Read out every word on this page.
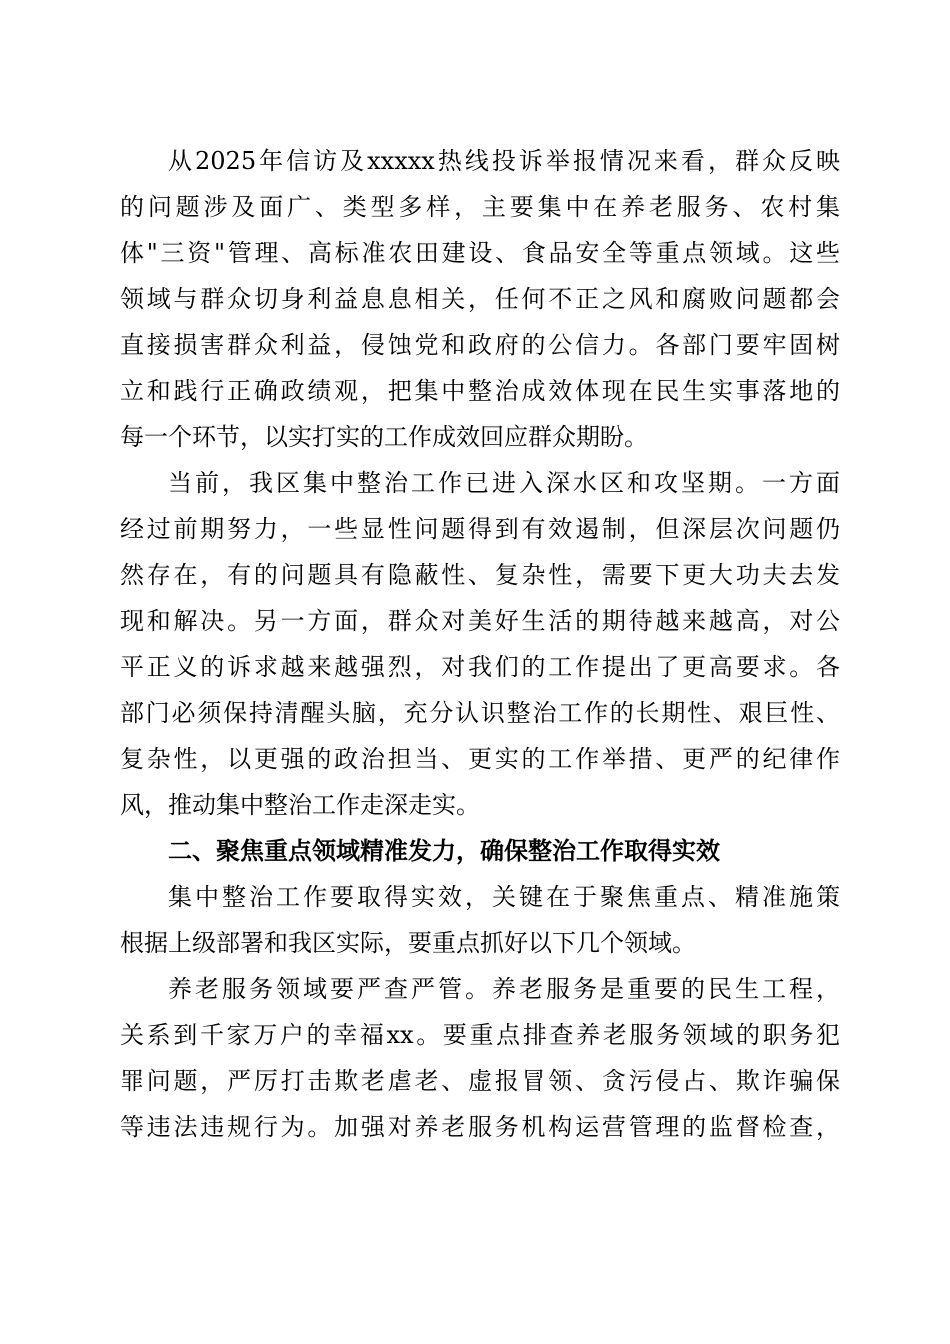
从2025年信访及xxxxx热线投诉举报情况来看，群众反映
的问题涉及面广、类型多样，主要集中在养老服务、农村集
体"三资"管理、高标准农田建设、食品安全等重点领域。这些
领域与群众切身利益息息相关，任何不正之风和腐败问题都会
直接损害群众利益，侵蚀党和政府的公信力。各部门要牢固树
立和践行正确政绩观，把集中整治成效体现在民生实事落地的
每一个环节，以实打实的工作成效回应群众期盼。
当前，我区集中整治工作已进入深水区和攻坚期。一方面
经过前期努力，一些显性问题得到有效遏制，但深层次问题仍
然存在，有的问题具有隐蔽性、复杂性，需要下更大功夫去发
现和解决。另一方面，群众对美好生活的期待越来越高，对公
平正义的诉求越来越强烈，对我们的工作提出了更高要求。各
部门必须保持清醒头脑，充分认识整治工作的长期性、艰巨性、
复杂性，以更强的政治担当、更实的工作举措、更严的纪律作
风，推动集中整治工作走深走实。
二、聚焦重点领域精准发力，确保整治工作取得实效
集中整治工作要取得实效，关键在于聚焦重点、精准施策
根据上级部署和我区实际，要重点抓好以下几个领域。
养老服务领域要严查严管。养老服务是重要的民生工程，
关系到千家万户的幸福xx。要重点排查养老服务领域的职务犯
罪问题，严厉打击欺老虐老、虚报冒领、贪污侵占、欺诈骗保
等违法违规行为。加强对养老服务机构运营管理的监督检查，
